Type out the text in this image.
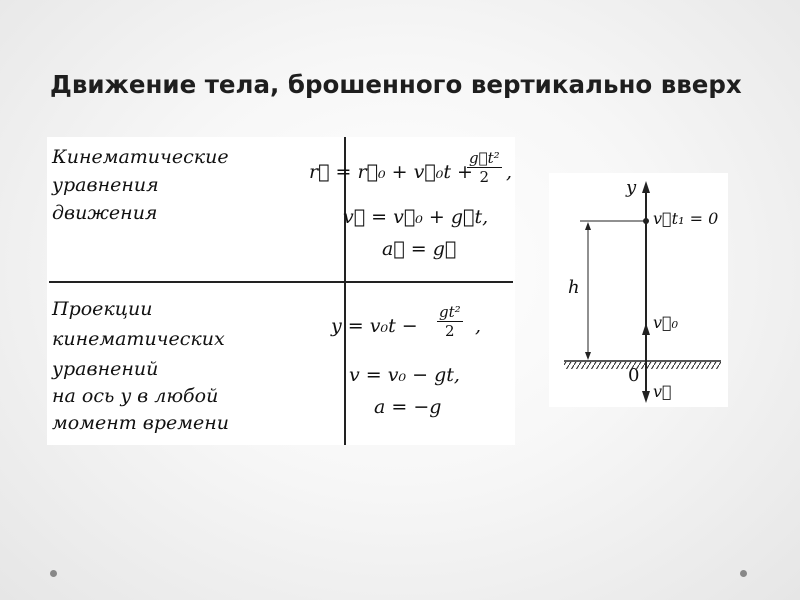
Движение тела, брошенного вертикально вверх
Кинематические
уравнения
движения
r⃗ = r⃗₀ + v⃗₀t +
$\frac{\text{g⃗t²}}{2}$ ,
v⃗ = v⃗₀ + g⃗t,
a⃗ = g⃗
Проекции
кинематических
уравнений
на ось y в любой
момент времени
$y = v_0t - \frac{\text{gt²}}{2}$ ,
v = v₀ − gt,
a = −g
y
v⃗t₁ = 0
h
v⃗₀
0
v⃗
